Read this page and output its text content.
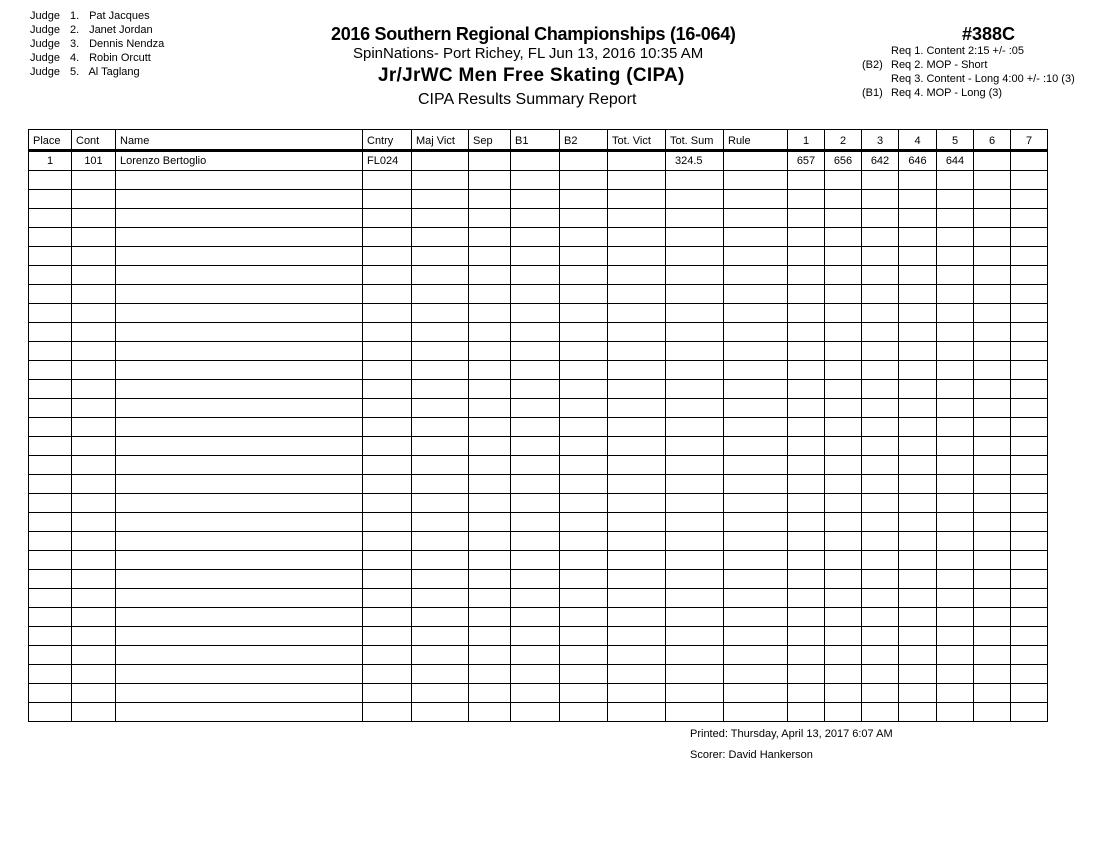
Judge 1. Pat Jacques
Judge 2. Janet Jordan
Judge 3. Dennis Nendza
Judge 4. Robin Orcutt
Judge 5. Al Taglang
2016 Southern Regional Championships (16-064)
SpinNations- Port Richey, FL Jun 13, 2016 10:35 AM
Jr/JrWC Men Free Skating (CIPA)
CIPA Results Summary Report
#388C
Req 1. Content 2:15 +/- :05
(B2) Req 2. MOP - Short
Req 3. Content - Long 4:00 +/- :10 (3)
(B1) Req 4. MOP - Long (3)
Place	Cont	Name	Cntry	Maj Vict	Sep	B1	B2	Tot. Vict	Tot. Sum	Rule	1	2	3	4	5	6	7
1	101	Lorenzo Bertoglio	FL024						324.5		657	656	642	646	644		

Printed: Thursday, April 13, 2017 6:07 AM
Scorer: David Hankerson
